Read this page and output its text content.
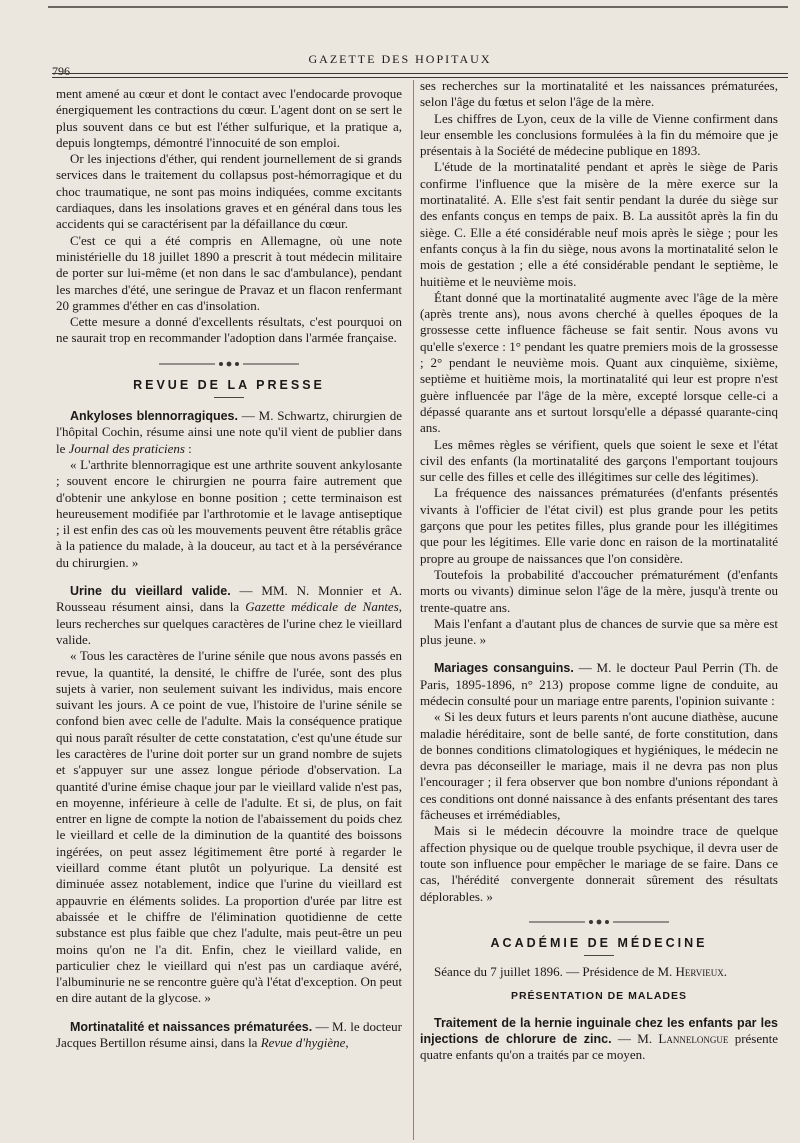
796
GAZETTE DES HOPITAUX

ment amené au cœur et dont le contact avec l'endocarde provoque énergiquement les contractions du cœur. L'agent dont on se sert le plus souvent dans ce but est l'éther sulfurique, et la pratique a, depuis longtemps, démontré l'innocuité de son emploi.

Or les injections d'éther, qui rendent journellement de si grands services dans le traitement du collapsus post-hémorragique et du choc traumatique, ne sont pas moins indiquées, comme excitants cardiaques, dans les insolations graves et en général dans tous les accidents qui se caractérisent par la défaillance du cœur.

C'est ce qui a été compris en Allemagne, où une note ministérielle du 18 juillet 1890 a prescrit à tout médecin militaire de porter sur lui-même (et non dans le sac d'ambulance), pendant les marches d'été, une seringue de Pravaz et un flacon renfermant 20 grammes d'éther en cas d'insolation.

Cette mesure a donné d'excellents résultats, c'est pourquoi on ne saurait trop en recommander l'adoption dans l'armée française.

REVUE DE LA PRESSE

Ankyloses blennorragiques. — M. Schwartz, chirurgien de l'hôpital Cochin, résume ainsi une note qu'il vient de publier dans le Journal des praticiens :

« L'arthrite blennorragique est une arthrite souvent ankylosante ; souvent encore le chirurgien ne pourra faire autrement que d'obtenir une ankylose en bonne position ; cette terminaison est heureusement modifiée par l'arthrotomie et le lavage antiseptique ; il est enfin des cas où les mouvements peuvent être rétablis grâce à la patience du malade, à la douceur, au tact et à la persévérance du chirurgien. »

Urine du vieillard valide. — MM. N. Monnier et A. Rousseau résument ainsi, dans la Gazette médicale de Nantes, leurs recherches sur quelques caractères de l'urine chez le vieillard valide.

« Tous les caractères de l'urine sénile que nous avons passés en revue, la quantité, la densité, le chiffre de l'urée, sont des plus sujets à varier, non seulement suivant les individus, mais encore suivant les jours. A ce point de vue, l'histoire de l'urine sénile se confond bien avec celle de l'adulte. Mais la conséquence pratique qui nous paraît résulter de cette constatation, c'est qu'une étude sur les caractères de l'urine doit porter sur un grand nombre de sujets et s'appuyer sur une assez longue période d'observation. La quantité d'urine émise chaque jour par le vieillard valide n'est pas, en moyenne, inférieure à celle de l'adulte. Et si, de plus, on fait entrer en ligne de compte la notion de l'abaissement du poids chez le vieillard et celle de la diminution de la quantité des boissons ingérées, on peut assez légitimement être porté à regarder le vieillard comme étant plutôt un polyurique. La densité est diminuée assez notablement, indice que l'urine du vieillard est appauvrie en éléments solides. La proportion d'urée par litre est abaissée et le chiffre de l'élimination quotidienne de cette substance est plus faible que chez l'adulte, mais peut-être un peu moins qu'on ne l'a dit. Enfin, chez le vieillard valide, en particulier chez le vieillard qui n'est pas un cardiaque avéré, l'albuminurie ne se rencontre guère qu'à l'état d'exception. On peut en dire autant de la glycose. »

Mortinatalité et naissances prématurées. — M. le docteur Jacques Bertillon résume ainsi, dans la Revue d'hygiène,

ses recherches sur la mortinatalité et les naissances prématurées, selon l'âge du fœtus et selon l'âge de la mère.

Les chiffres de Lyon, ceux de la ville de Vienne confirment dans leur ensemble les conclusions formulées à la fin du mémoire que je présentais à la Société de médecine publique en 1893.

L'étude de la mortinatalité pendant et après le siège de Paris confirme l'influence que la misère de la mère exerce sur la mortinatalité. A. Elle s'est fait sentir pendant la durée du siège sur des enfants conçus en temps de paix. B. La aussitôt après la fin du siège. C. Elle a été considérable neuf mois après le siège ; pour les enfants conçus à la fin du siège, nous avons la mortinatalité selon le mois de gestation ; elle a été considérable pendant le septième, le huitième et le neuvième mois.

Étant donné que la mortinatalité augmente avec l'âge de la mère (après trente ans), nous avons cherché à quelles époques de la grossesse cette influence fâcheuse se fait sentir. Nous avons vu qu'elle s'exerce : 1° pendant les quatre premiers mois de la grossesse ; 2° pendant le neuvième mois. Quant aux cinquième, sixième, septième et huitième mois, la mortinatalité qui leur est propre n'est guère influencée par l'âge de la mère, excepté lorsque celle-ci a dépassé quarante ans et surtout lorsqu'elle a dépassé quarante-cinq ans.

Les mêmes règles se vérifient, quels que soient le sexe et l'état civil des enfants (la mortinatalité des garçons l'emportant toujours sur celle des filles et celle des illégitimes sur celle des légitimes).

La fréquence des naissances prématurées (d'enfants présentés vivants à l'officier de l'état civil) est plus grande pour les petits garçons que pour les petites filles, plus grande pour les illégitimes que pour les légitimes. Elle varie donc en raison de la mortinatalité propre au groupe de naissances que l'on considère.

Toutefois la probabilité d'accoucher prématurément (d'enfants morts ou vivants) diminue selon l'âge de la mère, jusqu'à trente ou trente-quatre ans.

Mais l'enfant a d'autant plus de chances de survie que sa mère est plus jeune. »

Mariages consanguins. — M. le docteur Paul Perrin (Th. de Paris, 1895-1896, n° 213) propose comme ligne de conduite, au médecin consulté pour un mariage entre parents, l'opinion suivante :

« Si les deux futurs et leurs parents n'ont aucune diathèse, aucune maladie héréditaire, sont de belle santé, de forte constitution, dans de bonnes conditions climatologiques et hygiéniques, le médecin ne devra pas déconseiller le mariage, mais il ne devra pas non plus l'encourager ; il fera observer que bon nombre d'unions répondant à ces conditions ont donné naissance à des enfants présentant des tares fâcheuses et irrémédiables,

Mais si le médecin découvre la moindre trace de quelque affection physique ou de quelque trouble psychique, il devra user de toute son influence pour empêcher le mariage de se faire. Dans ce cas, l'hérédité convergente donnerait sûrement des résultats déplorables. »

ACADÉMIE DE MÉDECINE

Séance du 7 juillet 1896. — Présidence de M. Hervieux.

PRÉSENTATION DE MALADES

Traitement de la hernie inguinale chez les enfants par les injections de chlorure de zinc. — M. Lannelongue présente quatre enfants qu'on a traités par ce moyen.
